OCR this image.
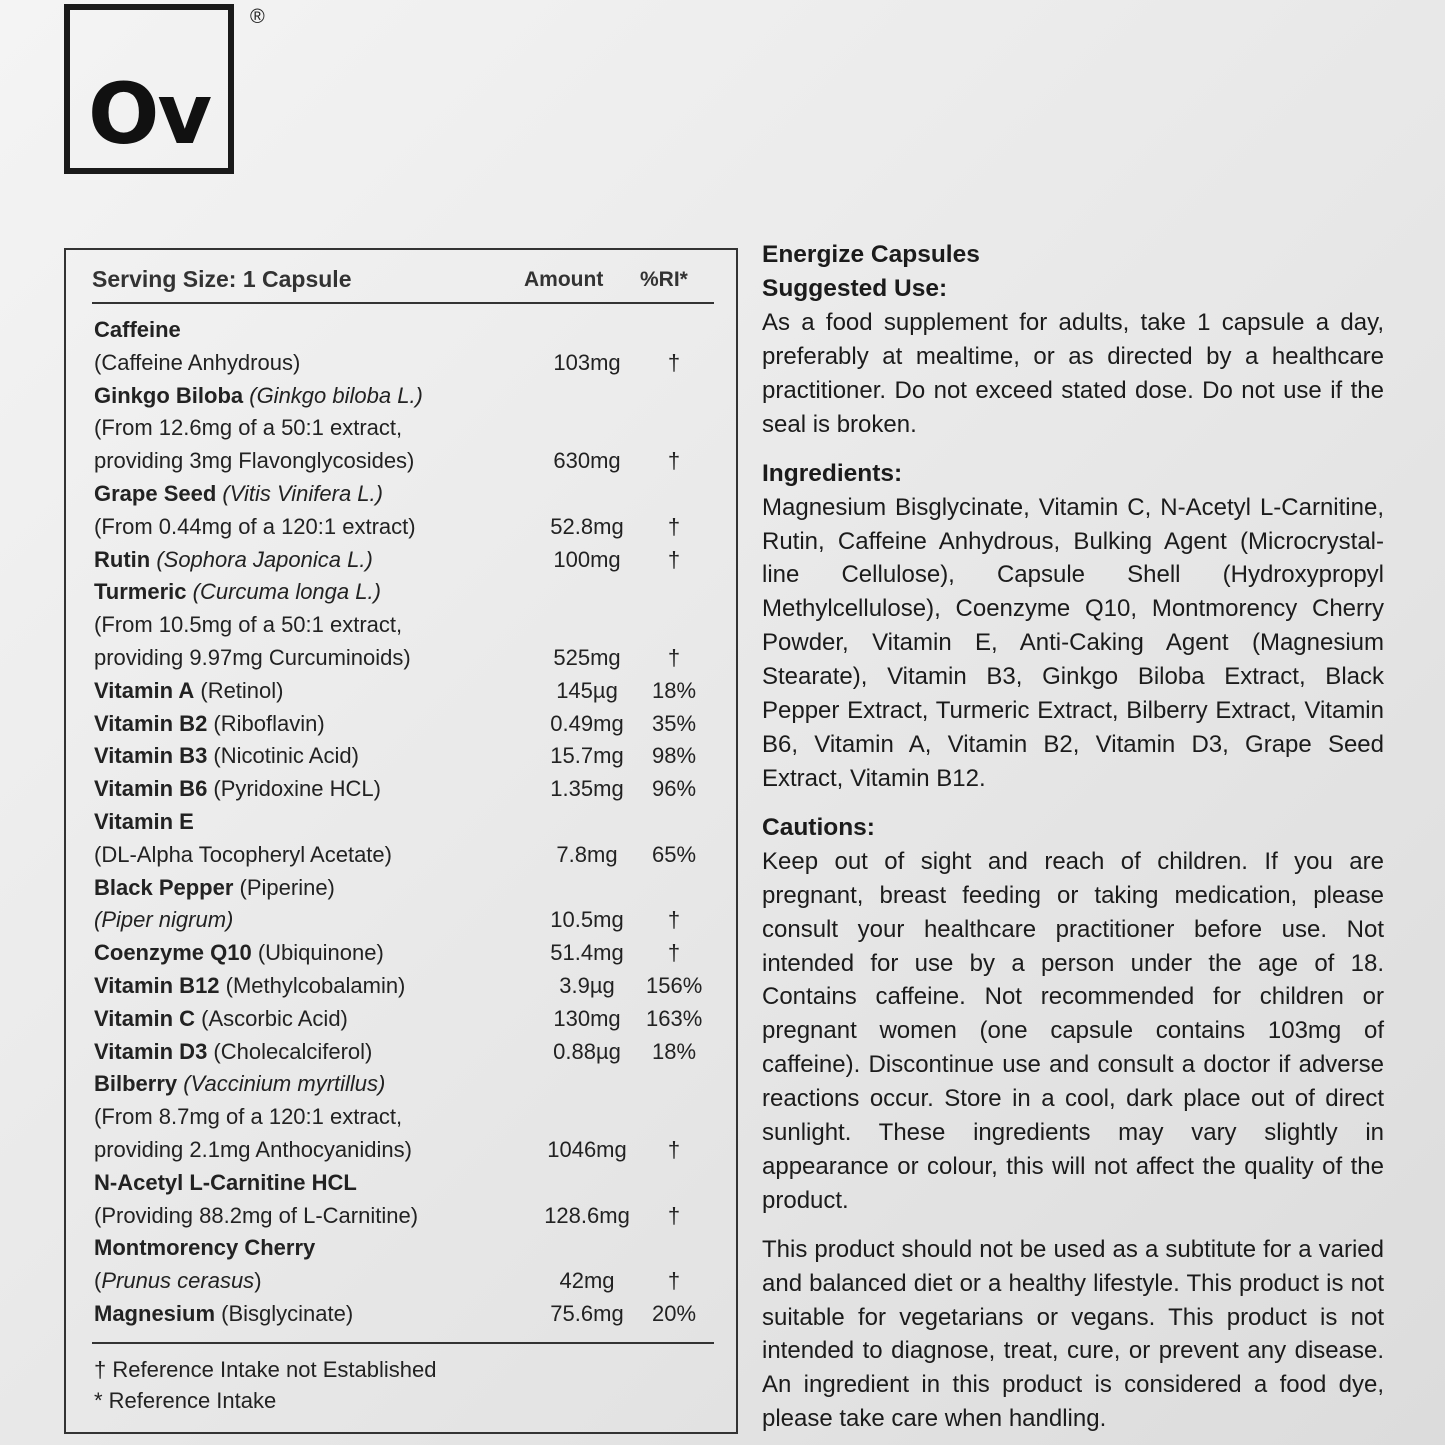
Ov
®
Serving Size: 1 Capsule	Amount %RI*
Caffeine
(Caffeine Anhydrous)	103mg	†
Ginkgo Biloba (Ginkgo biloba L.)
(From 12.6mg of a 50:1 extract,
providing 3mg Flavonglycosides)	630mg	†
Grape Seed (Vitis Vinifera L.)
(From 0.44mg of a 120:1 extract)	52.8mg	†
Rutin (Sophora Japonica L.)	100mg	†
Turmeric (Curcuma longa L.)
(From 10.5mg of a 50:1 extract,
providing 9.97mg Curcuminoids)	525mg	†
Vitamin A (Retinol)	145µg	18%
Vitamin B2 (Riboflavin)	0.49mg	35%
Vitamin B3 (Nicotinic Acid)	15.7mg	98%
Vitamin B6 (Pyridoxine HCL)	1.35mg	96%
Vitamin E
(DL-Alpha Tocopheryl Acetate)	7.8mg	65%
Black Pepper (Piperine)
(Piper nigrum)	10.5mg	†
Coenzyme Q10 (Ubiquinone)	51.4mg	†
Vitamin B12 (Methylcobalamin)	3.9µg	156%
Vitamin C (Ascorbic Acid)	130mg	163%
Vitamin D3 (Cholecalciferol)	0.88µg	18%
Bilberry (Vaccinium myrtillus)
(From 8.7mg of a 120:1 extract,
providing 2.1mg Anthocyanidins)	1046mg	†
N-Acetyl L-Carnitine HCL
(Providing 88.2mg of L-Carnitine)	128.6mg	†
Montmorency Cherry
(Prunus cerasus)	42mg	†
Magnesium (Bisglycinate)	75.6mg	20%
† Reference Intake not Established
* Reference Intake
Energize Capsules
Suggested Use:

As a food supplement for adults, take 1 capsule a day, preferably at mealtime, or as directed by a healthcare practitioner. Do not exceed stated dose. Do not use if the seal is broken.

Ingredients:

Magnesium Bisglycinate, Vitamin C, N-Acetyl L-Carnitine, Rutin, Caffeine Anhydrous, Bulking Agent (Microcrystal-line Cellulose), Capsule Shell (Hydroxypropyl Methylcellulose), Coenzyme Q10, Montmorency Cherry Powder, Vitamin E, Anti-Caking Agent (Magnesium Stearate), Vitamin B3, Ginkgo Biloba Extract, Black Pepper Extract, Turmeric Extract, Bilberry Extract, Vitamin B6, Vitamin A, Vitamin B2, Vitamin D3, Grape Seed Extract, Vitamin B12.

Cautions:

Keep out of sight and reach of children. If you are pregnant, breast feeding or taking medication, please consult your healthcare practitioner before use. Not intended for use by a person under the age of 18. Contains caffeine. Not recommended for children or pregnant women (one capsule contains 103mg of caffeine). Discontinue use and consult a doctor if adverse reactions occur. Store in a cool, dark place out of direct sunlight. These ingredients may vary slightly in appearance or colour, this will not affect the quality of the product.

This product should not be used as a subtitute for a varied and balanced diet or a healthy lifestyle. This product is not suitable for vegetarians or vegans. This product is not intended to diagnose, treat, cure, or prevent any disease. An ingredient in this product is considered a food dye, please take care when handling.
